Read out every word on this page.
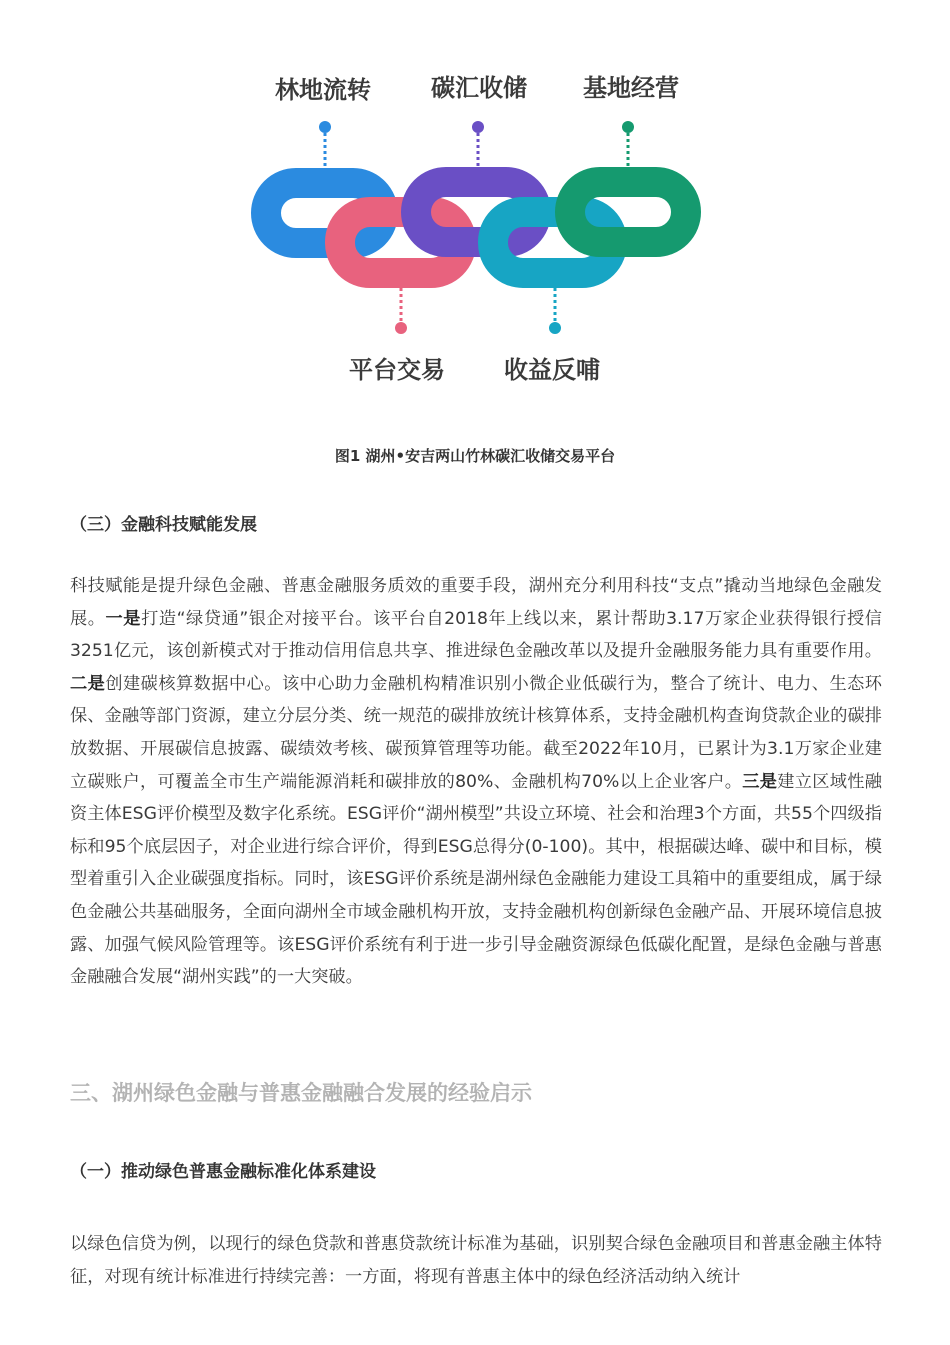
林地流转	碳汇收储 基地经营
平台交易 收益反哺

图1 湖州•安吉两山竹林碳汇收储交易平台

（三）金融科技赋能发展

科技赋能是提升绿色金融、普惠金融服务质效的重要手段，湖州充分利用科技“支点”撬动当地绿色金融发展。一是打造“绿贷通”银企对接平台。该平台自2018年上线以来，累计帮助3.17万家企业获得银行授信3251亿元，该创新模式对于推动信用信息共享、推进绿色金融改革以及提升金融服务能力具有重要作用。二是创建碳核算数据中心。该中心助力金融机构精准识别小微企业低碳行为，整合了统计、电力、生态环保、金融等部门资源，建立分层分类、统一规范的碳排放统计核算体系，支持金融机构查询贷款企业的碳排放数据、开展碳信息披露、碳绩效考核、碳预算管理等功能。截至2022年10月，已累计为3.1万家企业建立碳账户，可覆盖全市生产端能源消耗和碳排放的80%、金融机构70%以上企业客户。三是建立区域性融资主体ESG评价模型及数字化系统。ESG评价“湖州模型”共设立环境、社会和治理3个方面，共55个四级指标和95个底层因子，对企业进行综合评价，得到ESG总得分(0-100)。其中，根据碳达峰、碳中和目标，模型着重引入企业碳强度指标。同时，该ESG评价系统是湖州绿色金融能力建设工具箱中的重要组成，属于绿色金融公共基础服务，全面向湖州全市域金融机构开放，支持金融机构创新绿色金融产品、开展环境信息披露、加强气候风险管理等。该ESG评价系统有利于进一步引导金融资源绿色低碳化配置，是绿色金融与普惠金融融合发展“湖州实践”的一大突破。

三、湖州绿色金融与普惠金融融合发展的经验启示
（一）推动绿色普惠金融标准化体系建设

以绿色信贷为例，以现行的绿色贷款和普惠贷款统计标准为基础，识别契合绿色金融项目和普惠金融主体特征，对现有统计标准进行持续完善：一方面，将现有普惠主体中的绿色经济活动纳入统计
